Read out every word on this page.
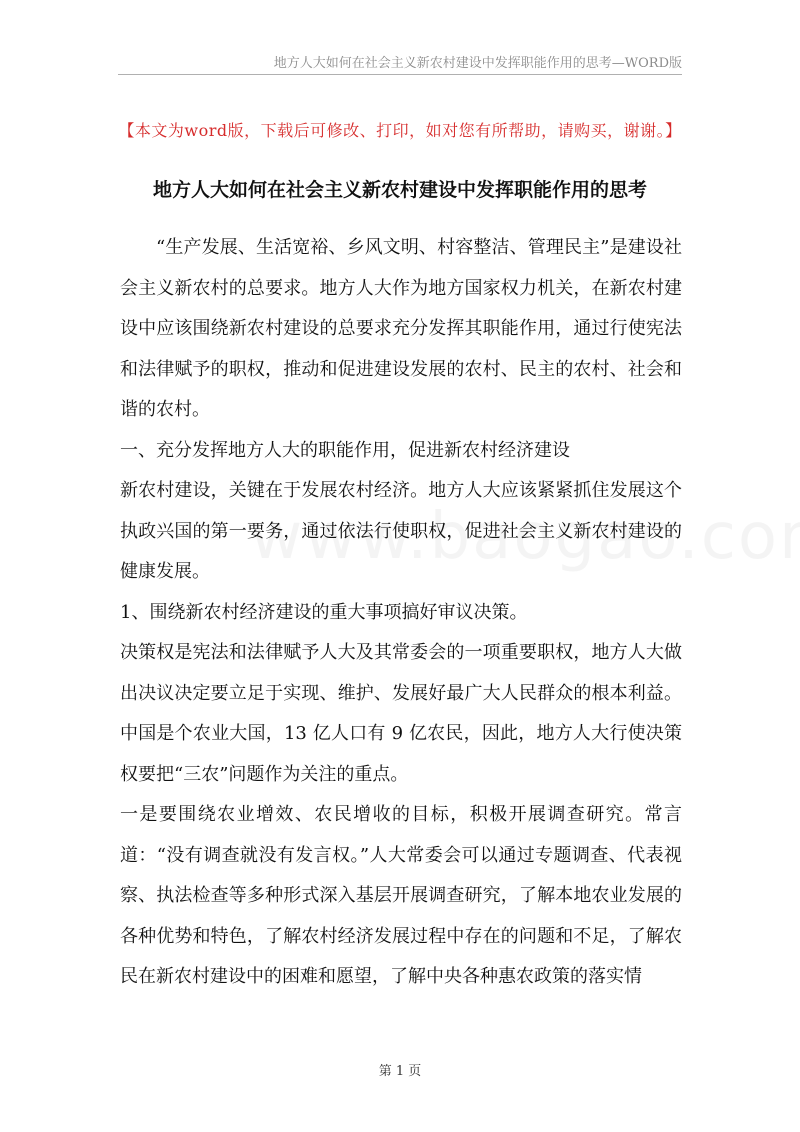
地方人大如何在社会主义新农村建设中发挥职能作用的思考—WORD版
【本文为word版，下载后可修改、打印，如对您有所帮助，请购买，谢谢。】
地方人大如何在社会主义新农村建设中发挥职能作用的思考

“生产发展、生活宽裕、乡风文明、村容整洁、管理民主”是建设社会主义新农村的总要求。地方人大作为地方国家权力机关，在新农村建设中应该围绕新农村建设的总要求充分发挥其职能作用，通过行使宪法和法律赋予的职权，推动和促进建设发展的农村、民主的农村、社会和谐的农村。

一、充分发挥地方人大的职能作用，促进新农村经济建设

新农村建设，关键在于发展农村经济。地方人大应该紧紧抓住发展这个执政兴国的第一要务，通过依法行使职权，促进社会主义新农村建设的健康发展。

1、围绕新农村经济建设的重大事项搞好审议决策。

决策权是宪法和法律赋予人大及其常委会的一项重要职权，地方人大做出决议决定要立足于实现、维护、发展好最广大人民群众的根本利益。中国是个农业大国，13 亿人口有 9 亿农民，因此，地方人大行使决策权要把“三农”问题作为关注的重点。

一是要围绕农业增效、农民增收的目标，积极开展调查研究。常言道：“没有调查就没有发言权。”人大常委会可以通过专题调查、代表视察、执法检查等多种形式深入基层开展调查研究，了解本地农业发展的各种优势和特色，了解农村经济发展过程中存在的问题和不足，了解农民在新农村建设中的困难和愿望，了解中央各种惠农政策的落实情

第 1 页
